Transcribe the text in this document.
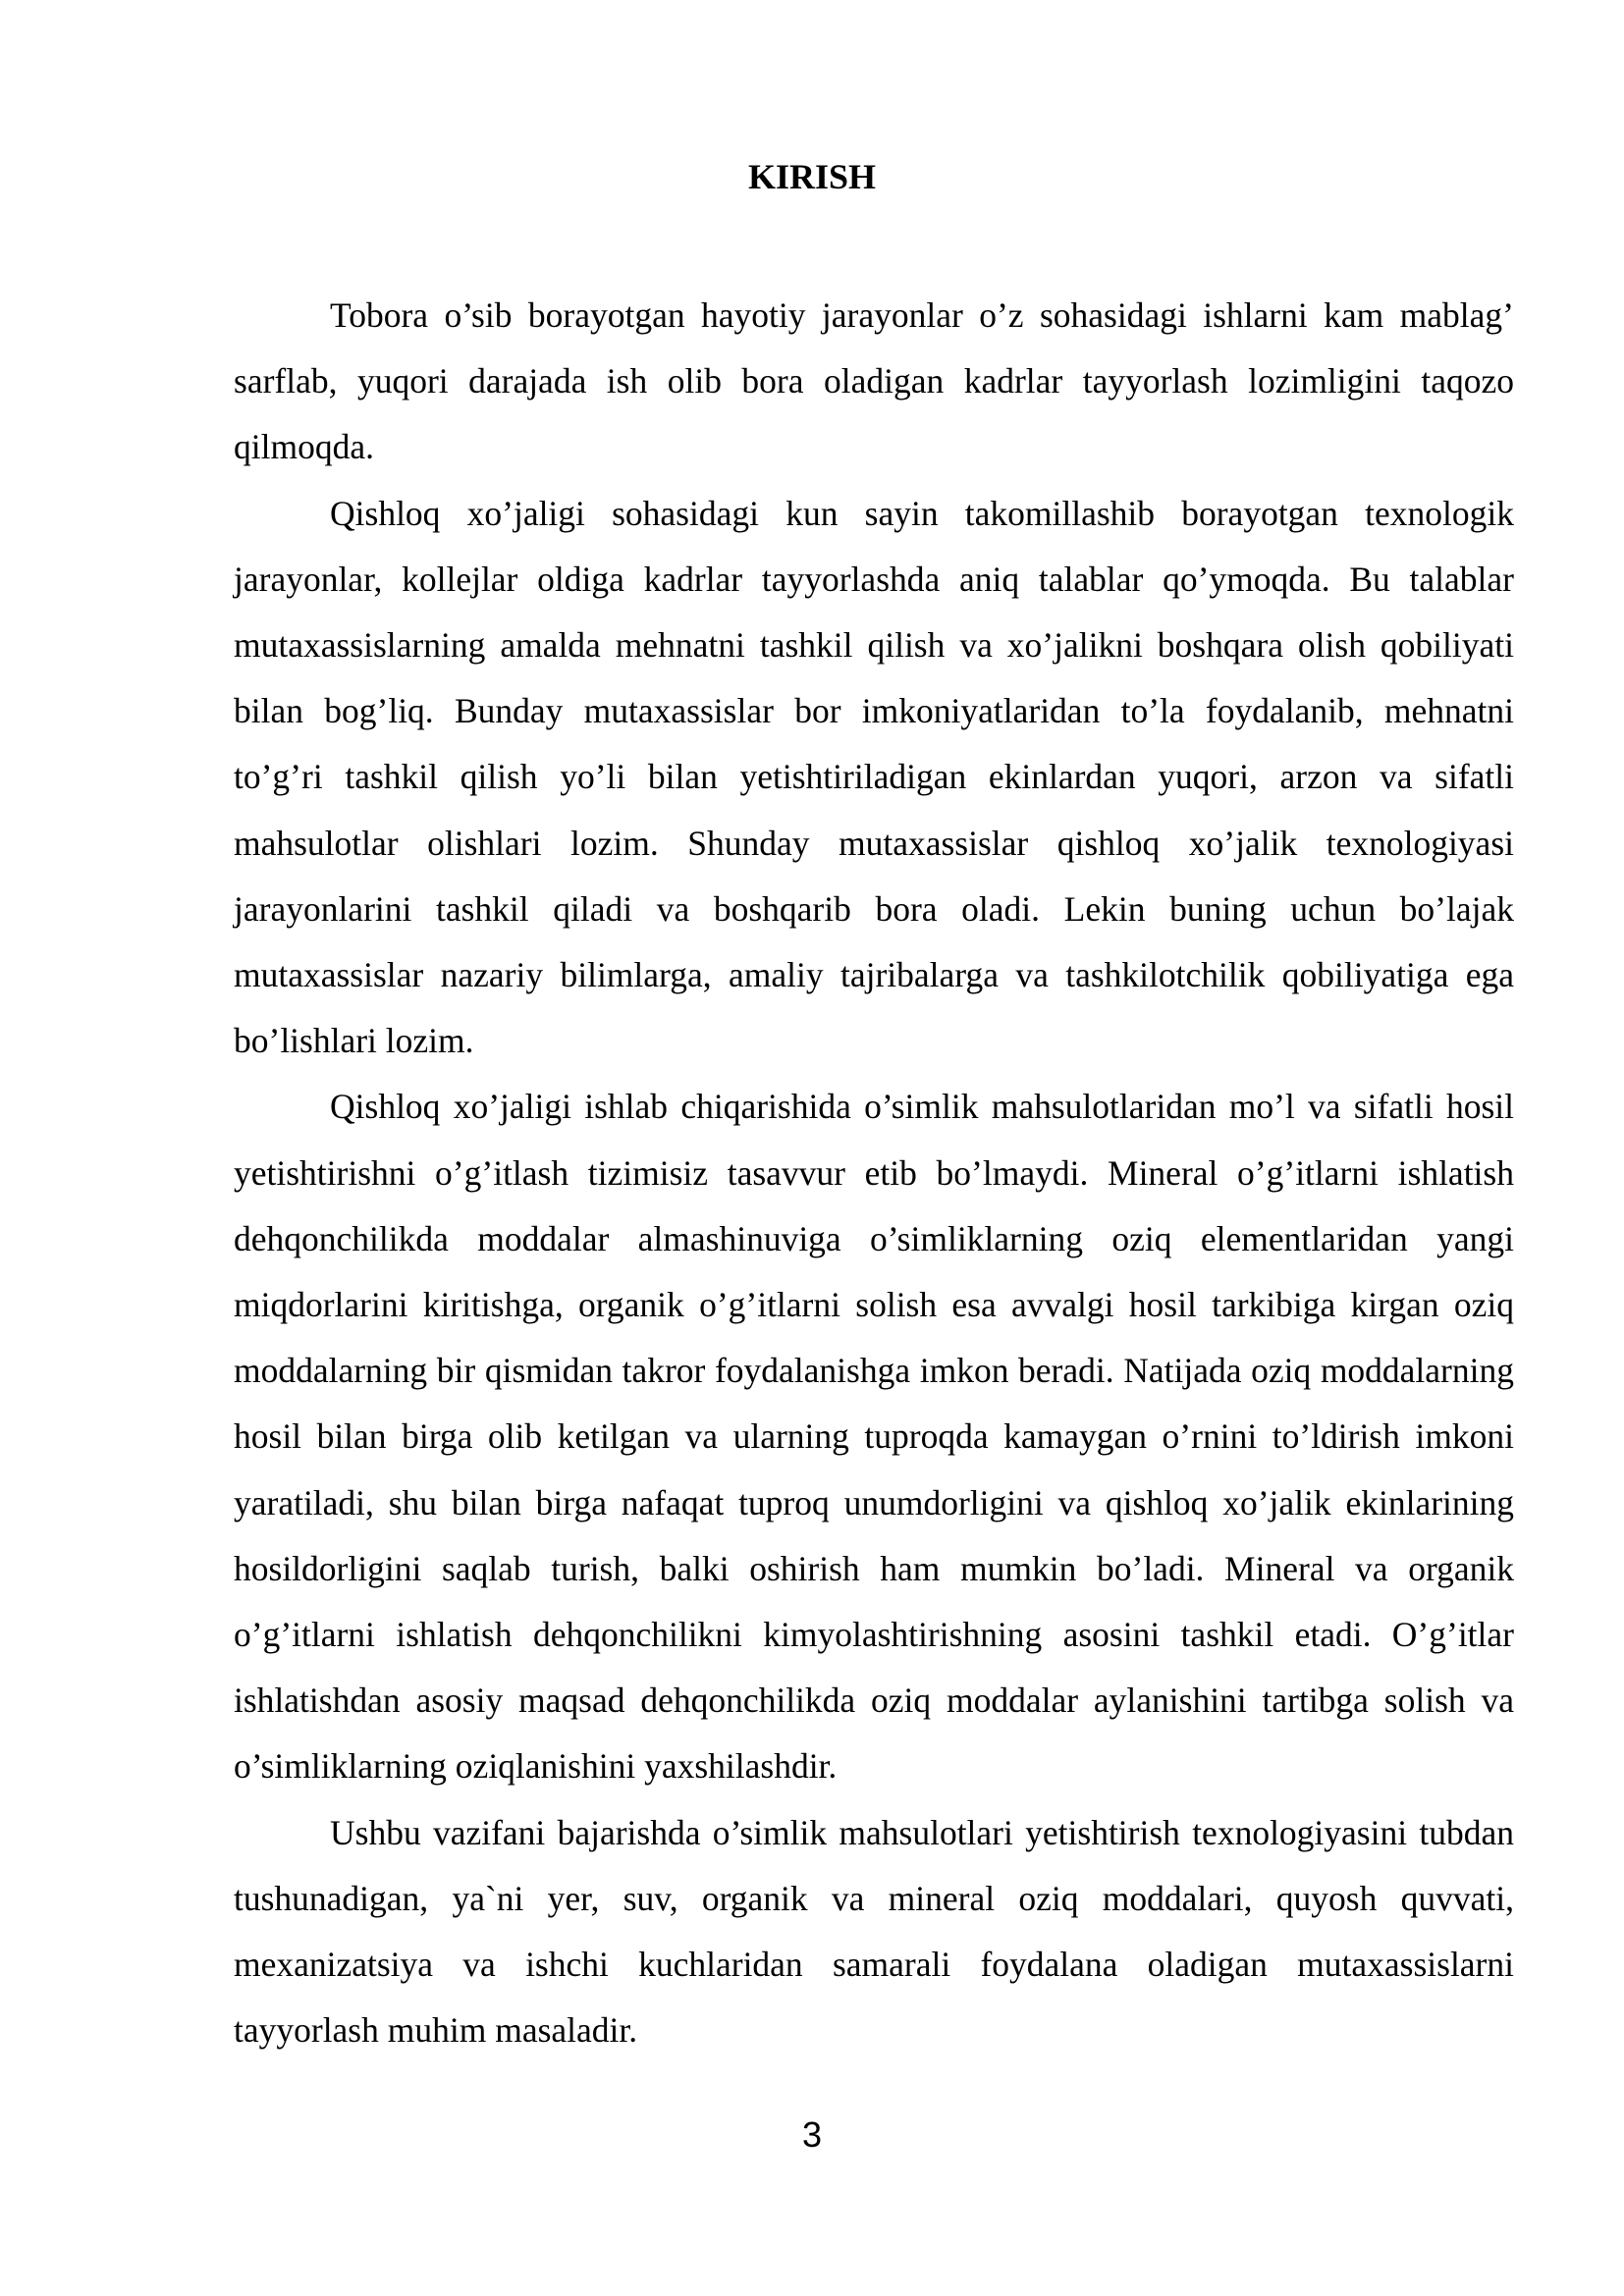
KIRISH

Tobora o’sib borayotgan hayotiy jarayonlar o’z sohasidagi ishlarni kam mablag’ sarflab, yuqori darajada ish olib bora oladigan kadrlar tayyorlash lozimligini taqozo qilmoqda.

Qishloq xo’jaligi sohasidagi kun sayin takomillashib borayotgan texnologik jarayonlar, kollejlar oldiga kadrlar tayyorlashda aniq talablar qo’ymoqda. Bu talablar mutaxassislarning amalda mehnatni tashkil qilish va xo’jalikni boshqara olish qobiliyati bilan bog’liq. Bunday mutaxassislar bor imkoniyatlaridan to’la foydalanib, mehnatni to’g’ri tashkil qilish yo’li bilan yetishtiriladigan ekinlardan yuqori, arzon va sifatli mahsulotlar olishlari lozim. Shunday mutaxassislar qishloq xo’jalik texnologiyasi jarayonlarini tashkil qiladi va boshqarib bora oladi. Lekin buning uchun bo’lajak mutaxassislar nazariy bilimlarga, amaliy tajribalarga va tashkilotchilik qobiliyatiga ega bo’lishlari lozim.

Qishloq xo’jaligi ishlab chiqarishida o’simlik mahsulotlaridan mo’l va sifatli hosil yetishtirishni o’g’itlash tizimisiz tasavvur etib bo’lmaydi. Mineral o’g’itlarni ishlatish dehqonchilikda moddalar almashinuviga o’simliklarning oziq elementlaridan yangi miqdorlarini kiritishga, organik o’g’itlarni solish esa avvalgi hosil tarkibiga kirgan oziq moddalarning bir qismidan takror foydalanishga imkon beradi. Natijada oziq moddalarning hosil bilan birga olib ketilgan va ularning tuproqda kamaygan o’rnini to’ldirish imkoni yaratiladi, shu bilan birga nafaqat tuproq unumdorligini va qishloq xo’jalik ekinlarining hosildorligini saqlab turish, balki oshirish ham mumkin bo’ladi. Mineral va organik o’g’itlarni ishlatish dehqonchilikni kimyolashtirishning asosini tashkil etadi. O’g’itlar ishlatishdan asosiy maqsad dehqonchilikda oziq moddalar aylanishini tartibga solish va o’simliklarning oziqlanishini yaxshilashdir.

Ushbu vazifani bajarishda o’simlik mahsulotlari yetishtirish texnologiyasini tubdan tushunadigan, ya`ni yer, suv, organik va mineral oziq moddalari, quyosh quvvati, mexanizatsiya va ishchi kuchlaridan samarali foydalana oladigan mutaxassislarni tayyorlash muhim masaladir.

3
